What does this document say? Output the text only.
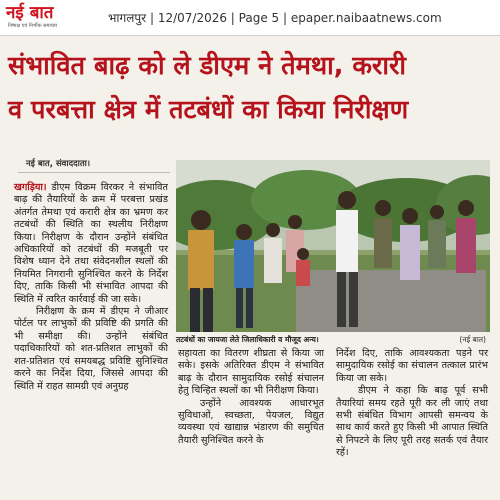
नई बात
निष्पक्ष एवं निर्भीक समाचार
भागलपुर | 12/07/2026 | Page 5 | epaper.naibaatnews.com
संभावित बाढ़ को ले डीएम ने तेमथा, करारी
व परबत्ता क्षेत्र में तटबंधों का किया निरीक्षण
नई बात, संवाददाता।
तटबंधों का जायजा लेते जिलाधिकारी व मौजूद अन्य।	(नई बात)

खगड़िया। डीएम विक्रम विरकर ने संभावित बाढ़ की तैयारियों के क्रम में परबत्ता प्रखंड अंतर्गत तेमथा एवं करारी क्षेत्र का भ्रमण कर तटबंधों की स्थिति का स्थलीय निरीक्षण किया। निरीक्षण के दौरान उन्होंने संबंधित अधिकारियों को तटबंधों की मजबूती पर विशेष ध्यान देने तथा संवेदनशील स्थलों की नियमित निगरानी सुनिश्चित करने के निर्देश दिए, ताकि किसी भी संभावित आपदा की स्थिति में त्वरित कार्रवाई की जा सके।

निरीक्षण के क्रम में डीएम ने जीआर पोर्टल पर लाभुकों की प्रविष्टि की प्रगति की भी समीक्षा की। उन्होंने संबंधित पदाधिकारियों को शत-प्रतिशत लाभुकों की शत-प्रतिशत एवं समयबद्ध प्रविष्टि सुनिश्चित करने का निर्देश दिया, जिससे आपदा की स्थिति में राहत सामग्री एवं अनुग्रह

सहायता का वितरण शीघ्रता से किया जा सके। इसके अतिरिक्त डीएम ने संभावित बाढ़ के दौरान सामुदायिक रसोई संचालन हेतु चिन्हित स्थलों का भी निरीक्षण किया।

उन्होंने आवश्यक आधारभूत सुविधाओं, स्वच्छता, पेयजल, विद्युत व्यवस्था एवं खाद्यान्न भंडारण की समुचित तैयारी सुनिश्चित करने के

निर्देश दिए, ताकि आवश्यकता पड़ने पर सामुदायिक रसोई का संचालन तत्काल प्रारंभ किया जा सके।

डीएम ने कहा कि बाढ़ पूर्व सभी तैयारियां समय रहते पूरी कर ली जाएं तथा सभी संबंधित विभाग आपसी समन्वय के साथ कार्य करते हुए किसी भी आपात स्थिति से निपटने के लिए पूरी तरह सतर्क एवं तैयार रहें।
